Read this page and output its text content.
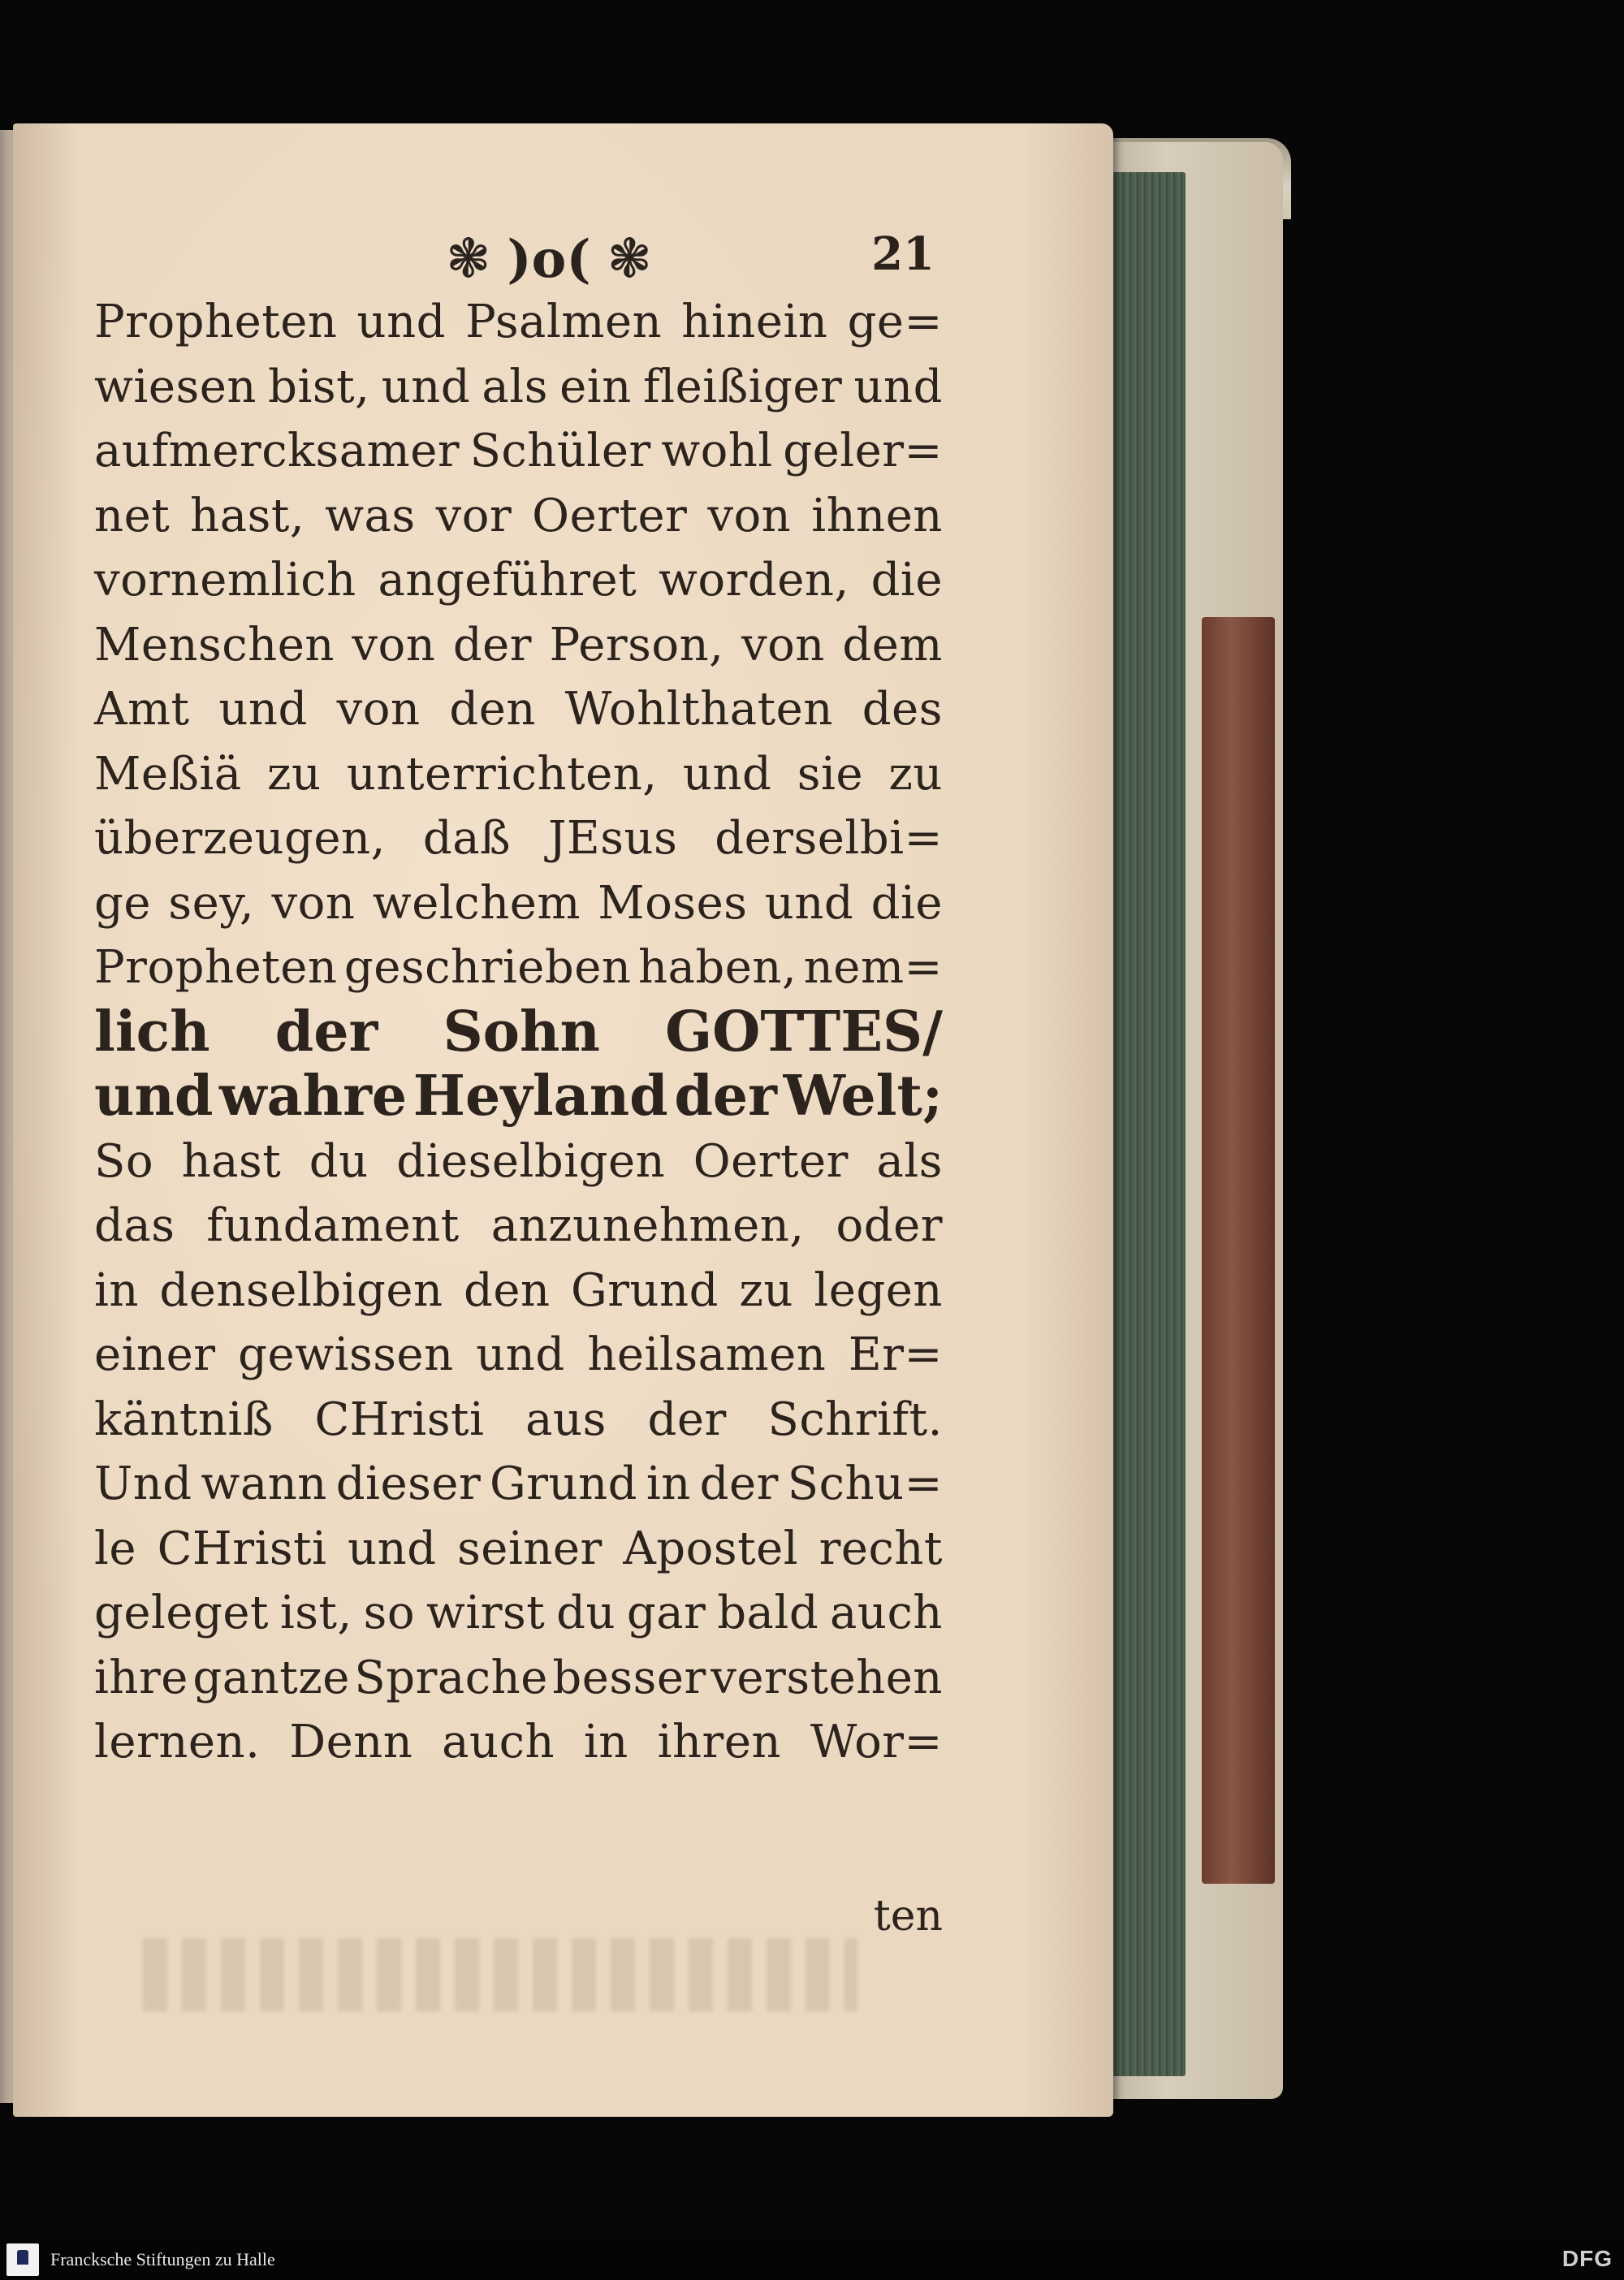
❃ )o( ❃	21
Propheten und Psalmen hinein ge=
wiesen bist, und als ein fleißiger und
aufmercksamer Schüler wohl geler=
net hast, was vor Oerter von ihnen
vornemlich angeführet worden, die
Menschen von der Person, von dem
Amt und von den Wohlthaten des
Meßiä zu unterrichten, und sie zu
überzeugen, daß JEsus derselbi=
ge sey, von welchem Moses und die
Propheten geschrieben haben, nem=
lich der Sohn GOTTES/
und wahre Heyland der Welt;
So hast du dieselbigen Oerter als
das fundament anzunehmen, oder
in denselbigen den Grund zu legen
einer gewissen und heilsamen Er=
käntniß CHristi aus der Schrift.
Und wann dieser Grund in der Schu=
le CHristi und seiner Apostel recht
geleget ist, so wirst du gar bald auch
ihre gantze Sprache besser verstehen
lernen. Denn auch in ihren Wor=
ten
Francksche Stiftungen zu Halle	DFG
